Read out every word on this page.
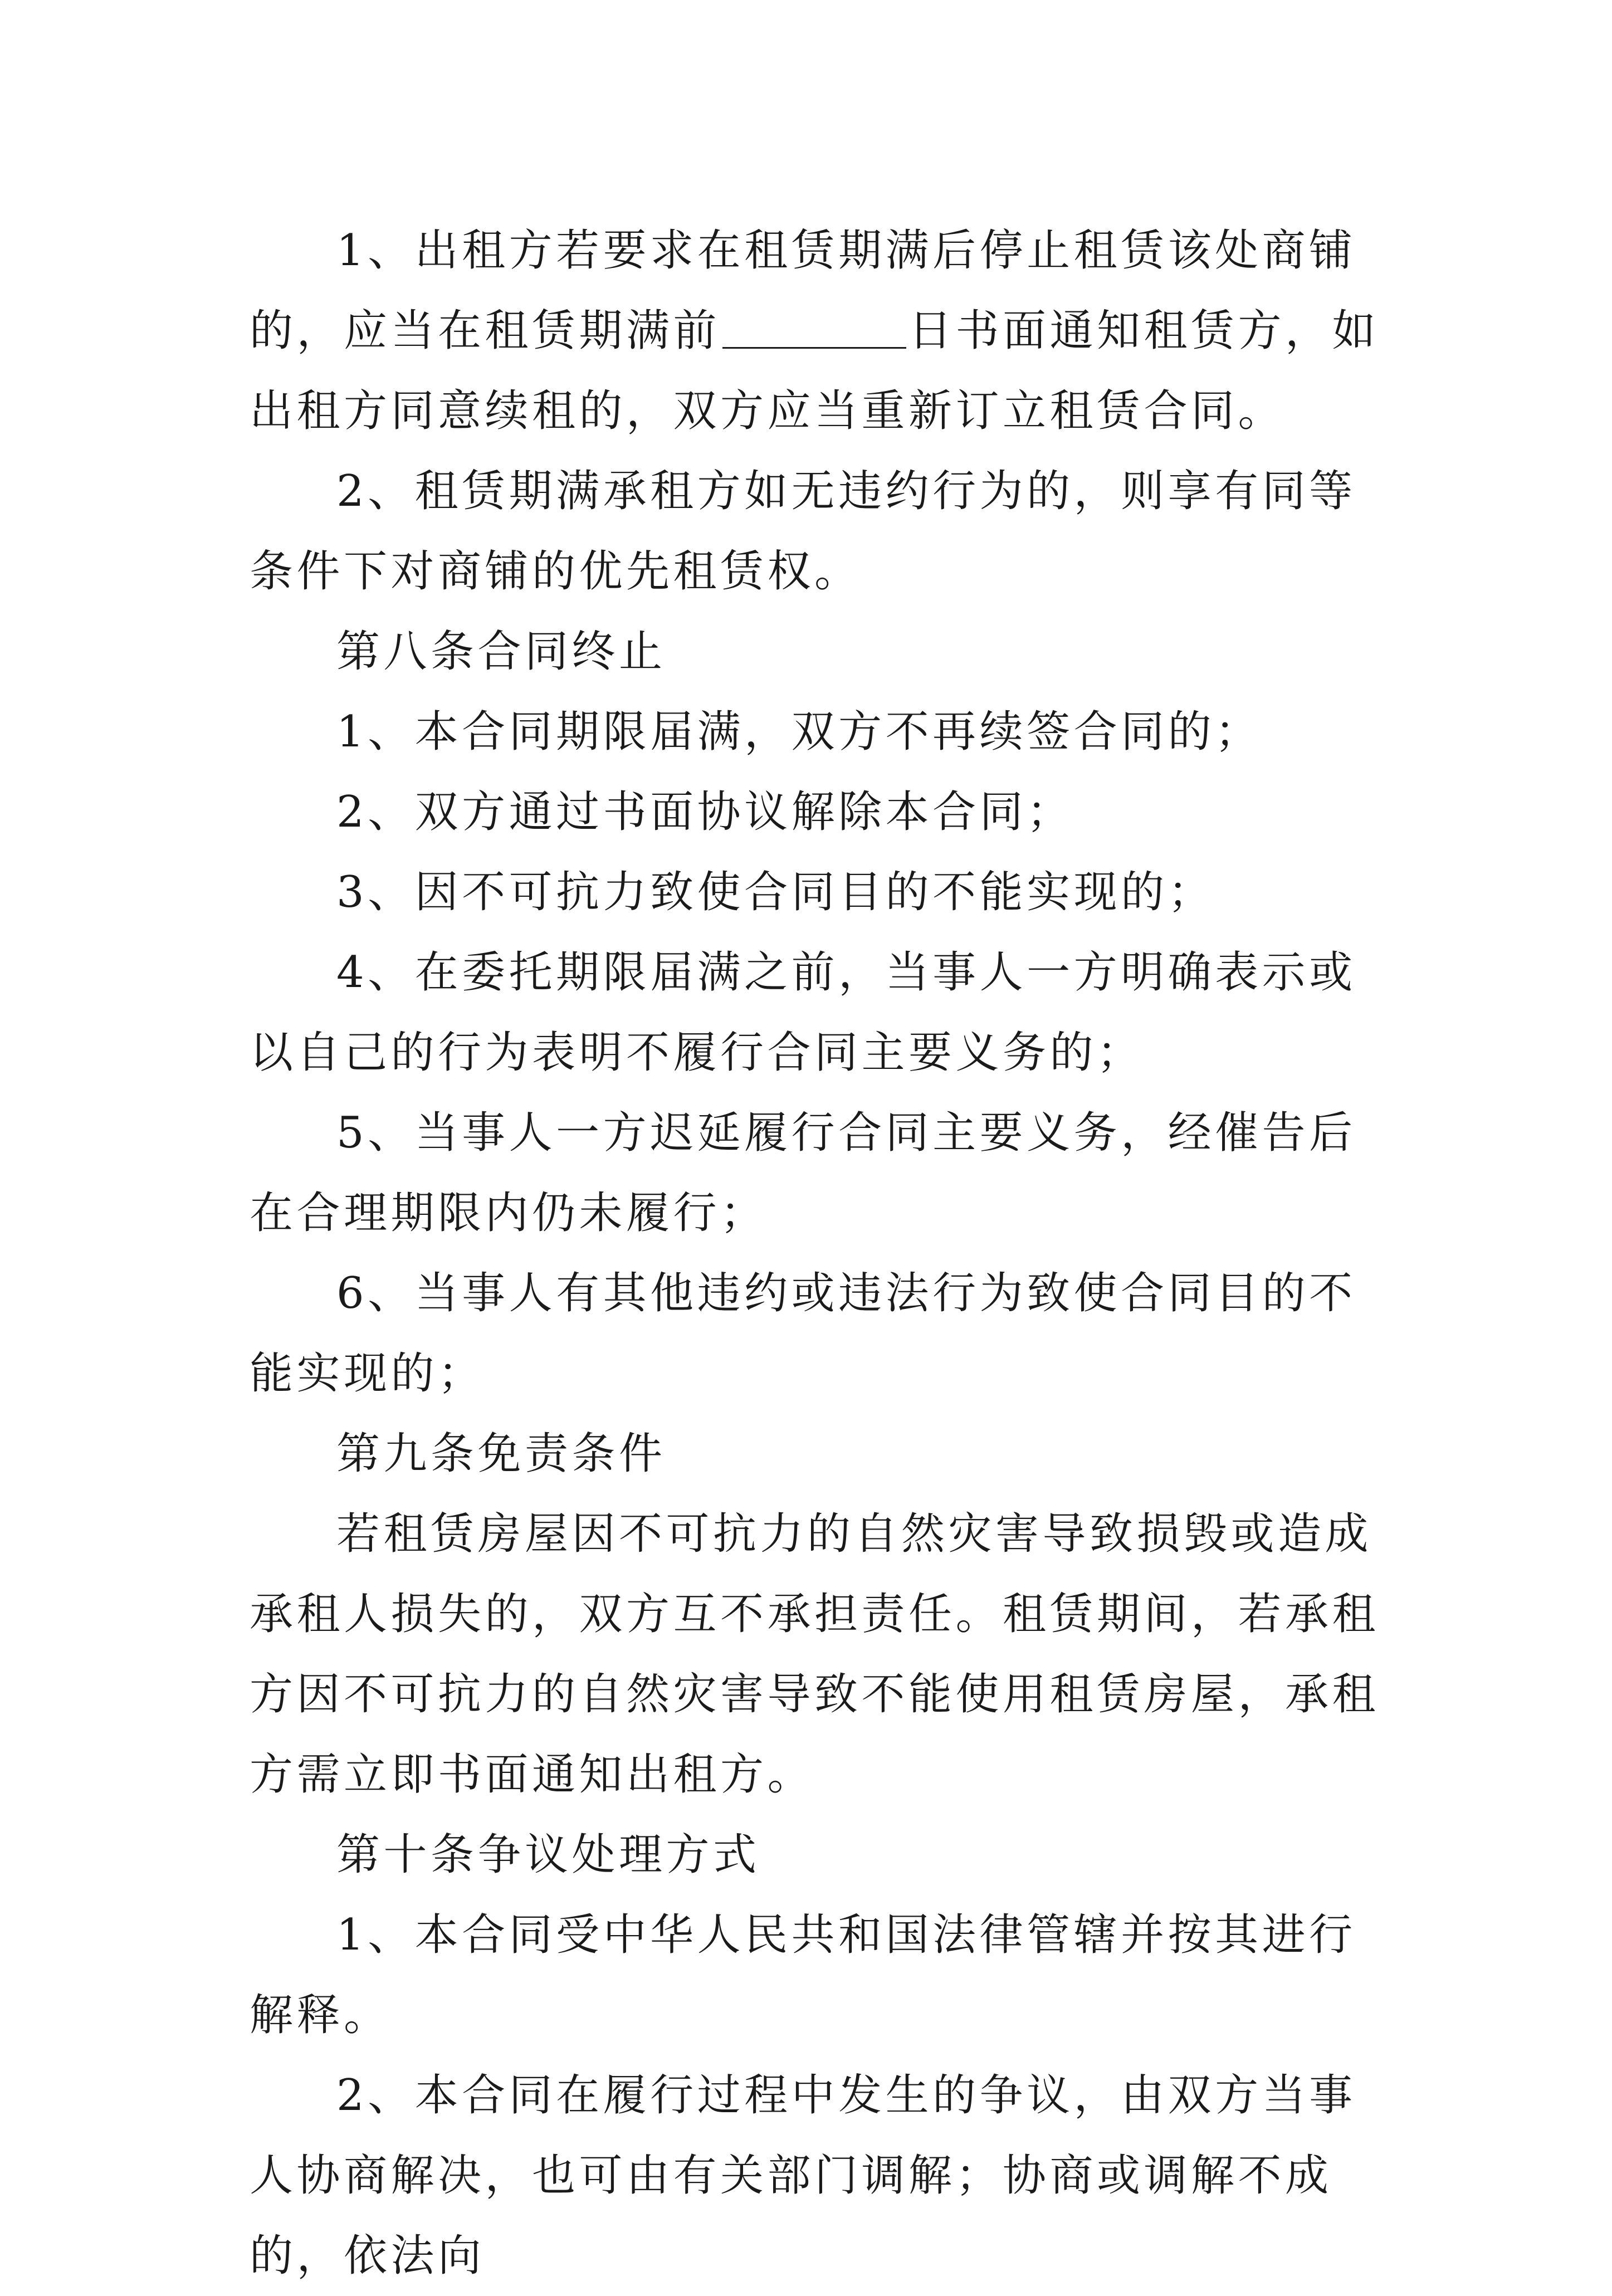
1、出租方若要求在租赁期满后停止租赁该处商铺的，应当在租赁期满前	日书面通知租赁方，如出租方同意续租的，双方应当重新订立租赁合同。

2、租赁期满承租方如无违约行为的，则享有同等条件下对商铺的优先租赁权。

第八条合同终止

1、本合同期限届满，双方不再续签合同的；

2、双方通过书面协议解除本合同；

3、因不可抗力致使合同目的不能实现的；

4、在委托期限届满之前，当事人一方明确表示或以自己的行为表明不履行合同主要义务的；

5、当事人一方迟延履行合同主要义务，经催告后在合理期限内仍未履行；

6、当事人有其他违约或违法行为致使合同目的不能实现的；

第九条免责条件

若租赁房屋因不可抗力的自然灾害导致损毁或造成承租人损失的，双方互不承担责任。租赁期间，若承租方因不可抗力的自然灾害导致不能使用租赁房屋，承租方需立即书面通知出租方。

第十条争议处理方式

1、本合同受中华人民共和国法律管辖并按其进行解释。

2、本合同在履行过程中发生的争议，由双方当事人协商解决，也可由有关部门调解；协商或调解不成的，依法向
